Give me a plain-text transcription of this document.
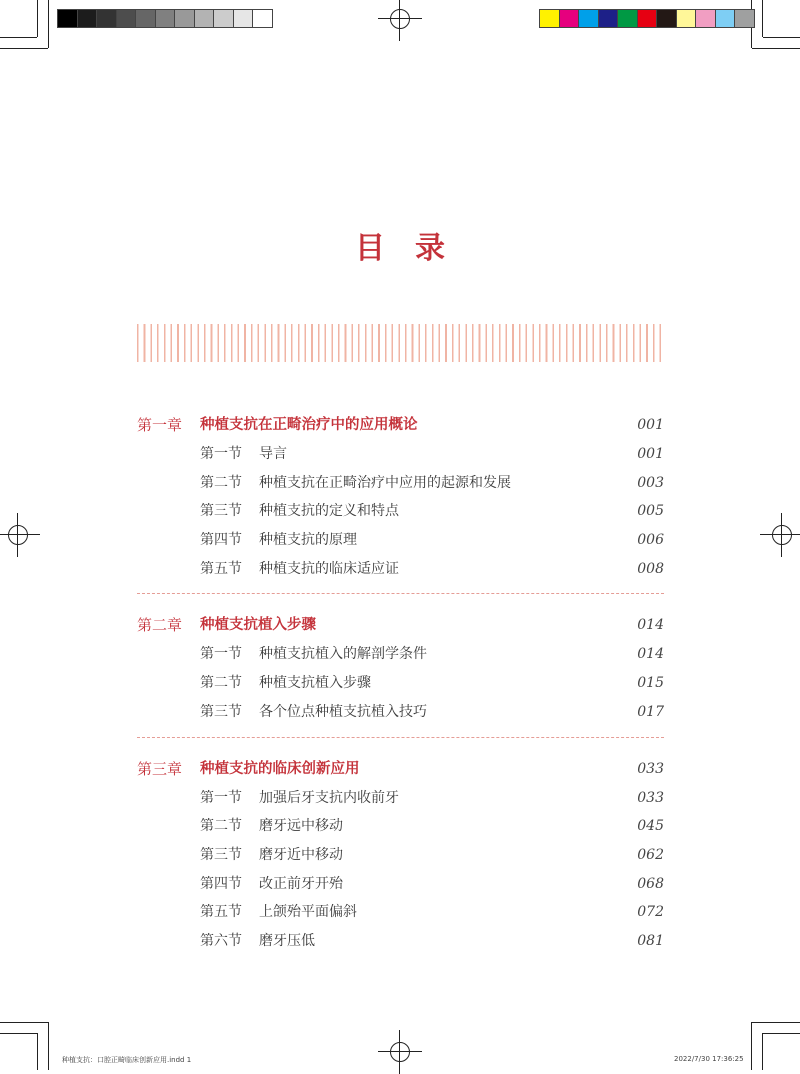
目 录
第一章 种植支抗在正畸治疗中的应用概论	001
第一节 导言	001
第二节 种植支抗在正畸治疗中应用的起源和发展	003
第三节 种植支抗的定义和特点	005
第四节 种植支抗的原理	006
第五节 种植支抗的临床适应证	008
第二章 种植支抗植入步骤	014
第一节 种植支抗植入的解剖学条件	014
第二节 种植支抗植入步骤	015
第三节 各个位点种植支抗植入技巧	017
第三章 种植支抗的临床创新应用	033
第一节 加强后牙支抗内收前牙	033
第二节 磨牙远中移动	045
第三节 磨牙近中移动	062
第四节 改正前牙开殆	068
第五节 上颌殆平面偏斜	072
第六节 磨牙压低	081
种植支抗：口腔正畸临床创新应用.indd 1	2022/7/30 17:36:25
